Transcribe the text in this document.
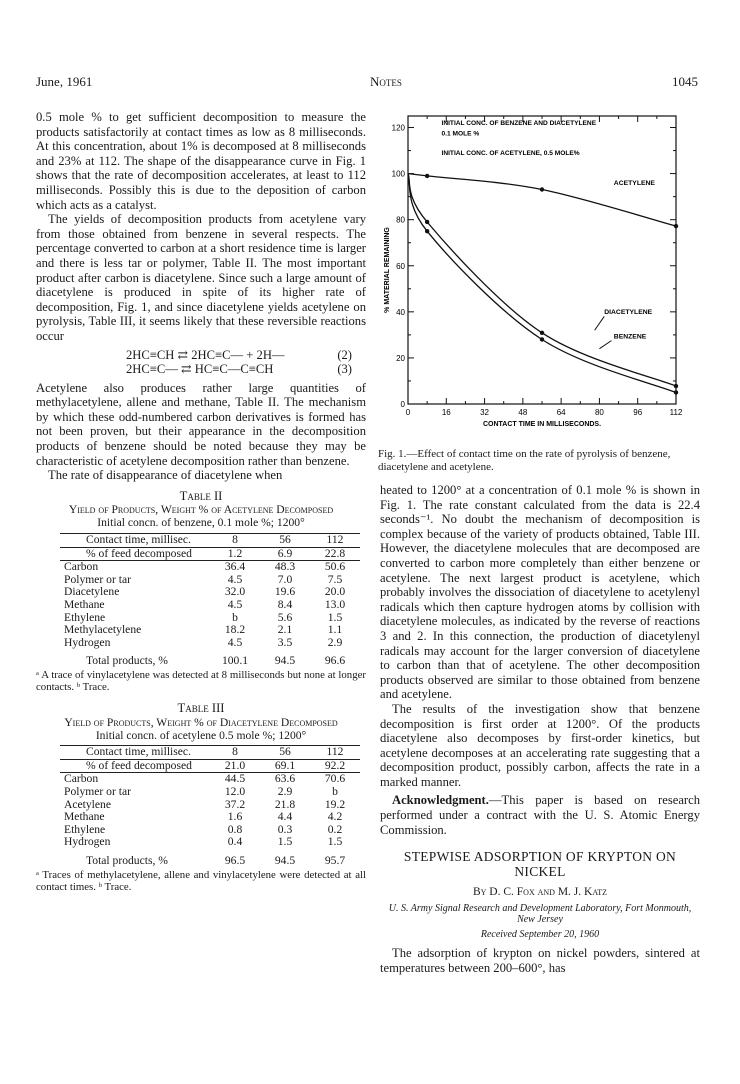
June, 1961	Notes	1045

0.5 mole % to get sufficient decomposition to measure the products satisfactorily at contact times as low as 8 milliseconds. At this concentration, about 1% is decomposed at 8 milliseconds and 23% at 112. The shape of the disappearance curve in Fig. 1 shows that the rate of decomposition accelerates, at least to 112 milliseconds. Possibly this is due to the deposition of carbon which acts as a catalyst.

The yields of decomposition products from acetylene vary from those obtained from benzene in several respects. The percentage converted to carbon at a short residence time is larger and there is less tar or polymer, Table II. The most important product after carbon is diacetylene. Since such a large amount of diacetylene is produced in spite of its higher rate of decomposition, Fig. 1, and since diacetylene yields acetylene on pyrolysis, Table III, it seems likely that these reversible reactions occur

2HC≡CH ⇄ 2HC≡C— + 2H—	(2)
2HC≡C— ⇄ HC≡C—C≡CH	(3)

Acetylene also produces rather large quantities of methylacetylene, allene and methane, Table II. The mechanism by which these odd-numbered carbon derivatives is formed has not been proven, but their appearance in the decomposition products of benzene should be noted because they may be characteristic of acetylene decomposition rather than benzene.

The rate of disappearance of diacetylene when

Table II
Yield of Products, Weight % of Acetylene Decomposed
Initial concn. of benzene, 0.1 mole %; 1200°
Contact time, millisec.	8	56	112
% of feed decomposed	1.2	6.9	22.8
Carbon	36.4	48.3	50.6
Polymer or tar	4.5	7.0	7.5
Diacetylene	32.0	19.6	20.0
Methane	4.5	8.4	13.0
Ethylene	b	5.6	1.5
Methylacetylene	18.2	2.1	1.1
Hydrogen	4.5	3.5	2.9
Total products, %	100.1	94.5	96.6
ᵃ A trace of vinylacetylene was detected at 8 milliseconds but none at longer contacts. ᵇ Trace.
Table III
Yield of Products, Weight % of Diacetylene Decomposed
Initial concn. of acetylene 0.5 mole %; 1200°
Contact time, millisec.	8	56	112
% of feed decomposed	21.0	69.1	92.2
Carbon	44.5	63.6	70.6
Polymer or tar	12.0	2.9	b
Acetylene	37.2	21.8	19.2
Methane	1.6	4.4	4.2
Ethylene	0.8	0.3	0.2
Hydrogen	0.4	1.5	1.5
Total products, %	96.5	94.5	95.7
ᵃ Traces of methylacetylene, allene and vinylacetylene were detected at all contact times. ᵇ Trace.
0	16	32	48	64	80	96	112
0
20
40
60
80
100
120
CONTACT TIME IN MILLISECONDS.
% MATERIAL REMAINING
INITIAL CONC. OF BENZENE AND DIACETYLENE
0.1 MOLE %
INITIAL CONC. OF ACETYLENE, 0.5 MOLE%
ACETYLENE
DIACETYLENE
BENZENE
Fig. 1.—Effect of contact time on the rate of pyrolysis of benzene, diacetylene and acetylene.

heated to 1200° at a concentration of 0.1 mole % is shown in Fig. 1. The rate constant calculated from the data is 22.4 seconds⁻¹. No doubt the mechanism of decomposition is complex because of the variety of products obtained, Table III. However, the diacetylene molecules that are decomposed are converted to carbon more completely than either benzene or acetylene. The next largest product is acetylene, which probably involves the dissociation of diacetylene to acetylenyl radicals which then capture hydrogen atoms by collision with diacetylene molecules, as indicated by the reverse of reactions 3 and 2. In this connection, the production of diacetylenyl radicals may account for the larger conversion of diacetylene to carbon than that of acetylene. The other decomposition products observed are similar to those obtained from benzene and acetylene.

The results of the investigation show that benzene decomposition is first order at 1200°. Of the products diacetylene also decomposes by first-order kinetics, but acetylene decomposes at an accelerating rate suggesting that a decomposition product, possibly carbon, affects the rate in a marked manner.

Acknowledgment.—This paper is based on research performed under a contract with the U. S. Atomic Energy Commission.

STEPWISE ADSORPTION OF KRYPTON ON NICKEL
By D. C. Fox and M. J. Katz
U. S. Army Signal Research and Development Laboratory, Fort Monmouth, New Jersey
Received September 20, 1960

The adsorption of krypton on nickel powders, sintered at temperatures between 200–600°, has
